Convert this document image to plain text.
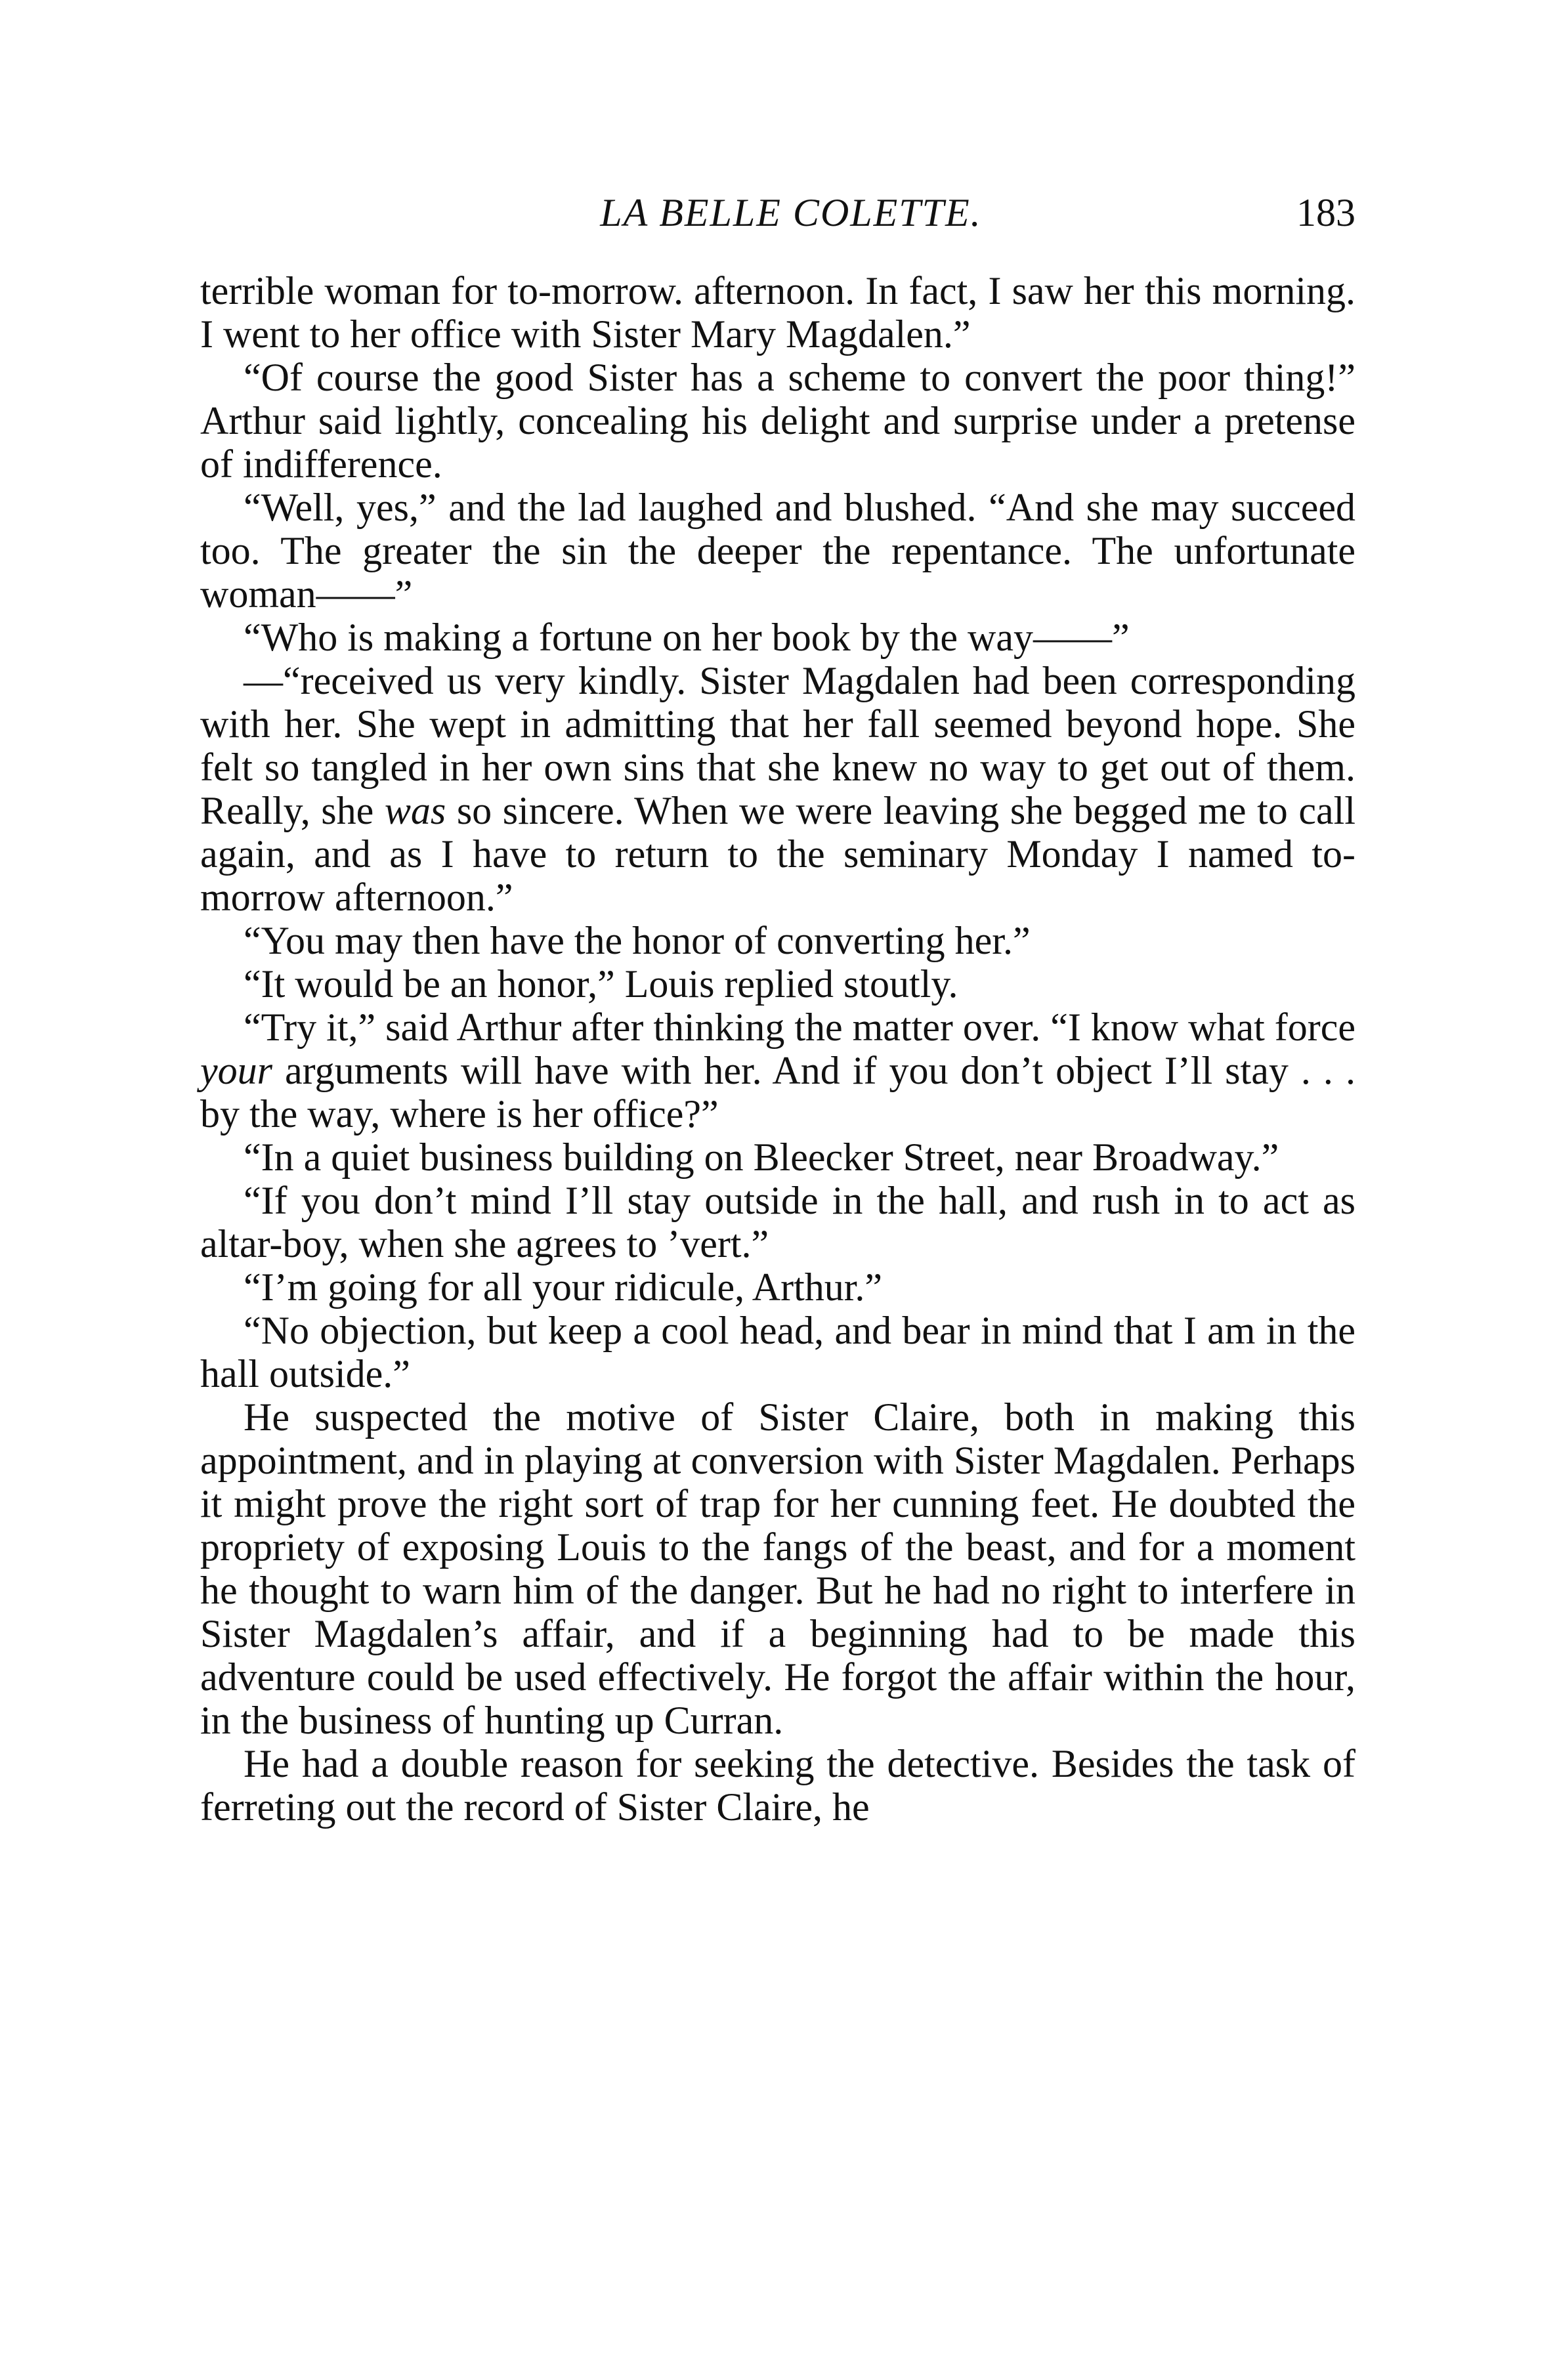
LA BELLE COLETTE.	183

terrible woman for to-morrow. afternoon. In fact, I saw her this morning. I went to her office with Sister Mary Magdalen.”

“Of course the good Sister has a scheme to convert the poor thing!” Arthur said lightly, concealing his delight and surprise under a pretense of indifference.

“Well, yes,” and the lad laughed and blushed. “And she may succeed too. The greater the sin the deeper the repentance. The unfortunate woman——”

“Who is making a fortune on her book by the way——”

—“received us very kindly. Sister Magdalen had been corresponding with her. She wept in admitting that her fall seemed beyond hope. She felt so tangled in her own sins that she knew no way to get out of them. Really, she was so sincere. When we were leaving she begged me to call again, and as I have to return to the seminary Monday I named to-morrow afternoon.”

“You may then have the honor of converting her.”

“It would be an honor,” Louis replied stoutly.

“Try it,” said Arthur after thinking the matter over. “I know what force your arguments will have with her. And if you don’t object I’ll stay . . . by the way, where is her office?”

“In a quiet business building on Bleecker Street, near Broadway.”

“If you don’t mind I’ll stay outside in the hall, and rush in to act as altar-boy, when she agrees to ’vert.”

“I’m going for all your ridicule, Arthur.”

“No objection, but keep a cool head, and bear in mind that I am in the hall outside.”

He suspected the motive of Sister Claire, both in making this appointment, and in playing at conversion with Sister Magdalen. Perhaps it might prove the right sort of trap for her cunning feet. He doubted the propriety of exposing Louis to the fangs of the beast, and for a moment he thought to warn him of the danger. But he had no right to interfere in Sister Magdalen’s affair, and if a beginning had to be made this adventure could be used effectively. He forgot the affair within the hour, in the business of hunting up Curran.

He had a double reason for seeking the detective. Besides the task of ferreting out the record of Sister Claire, he
